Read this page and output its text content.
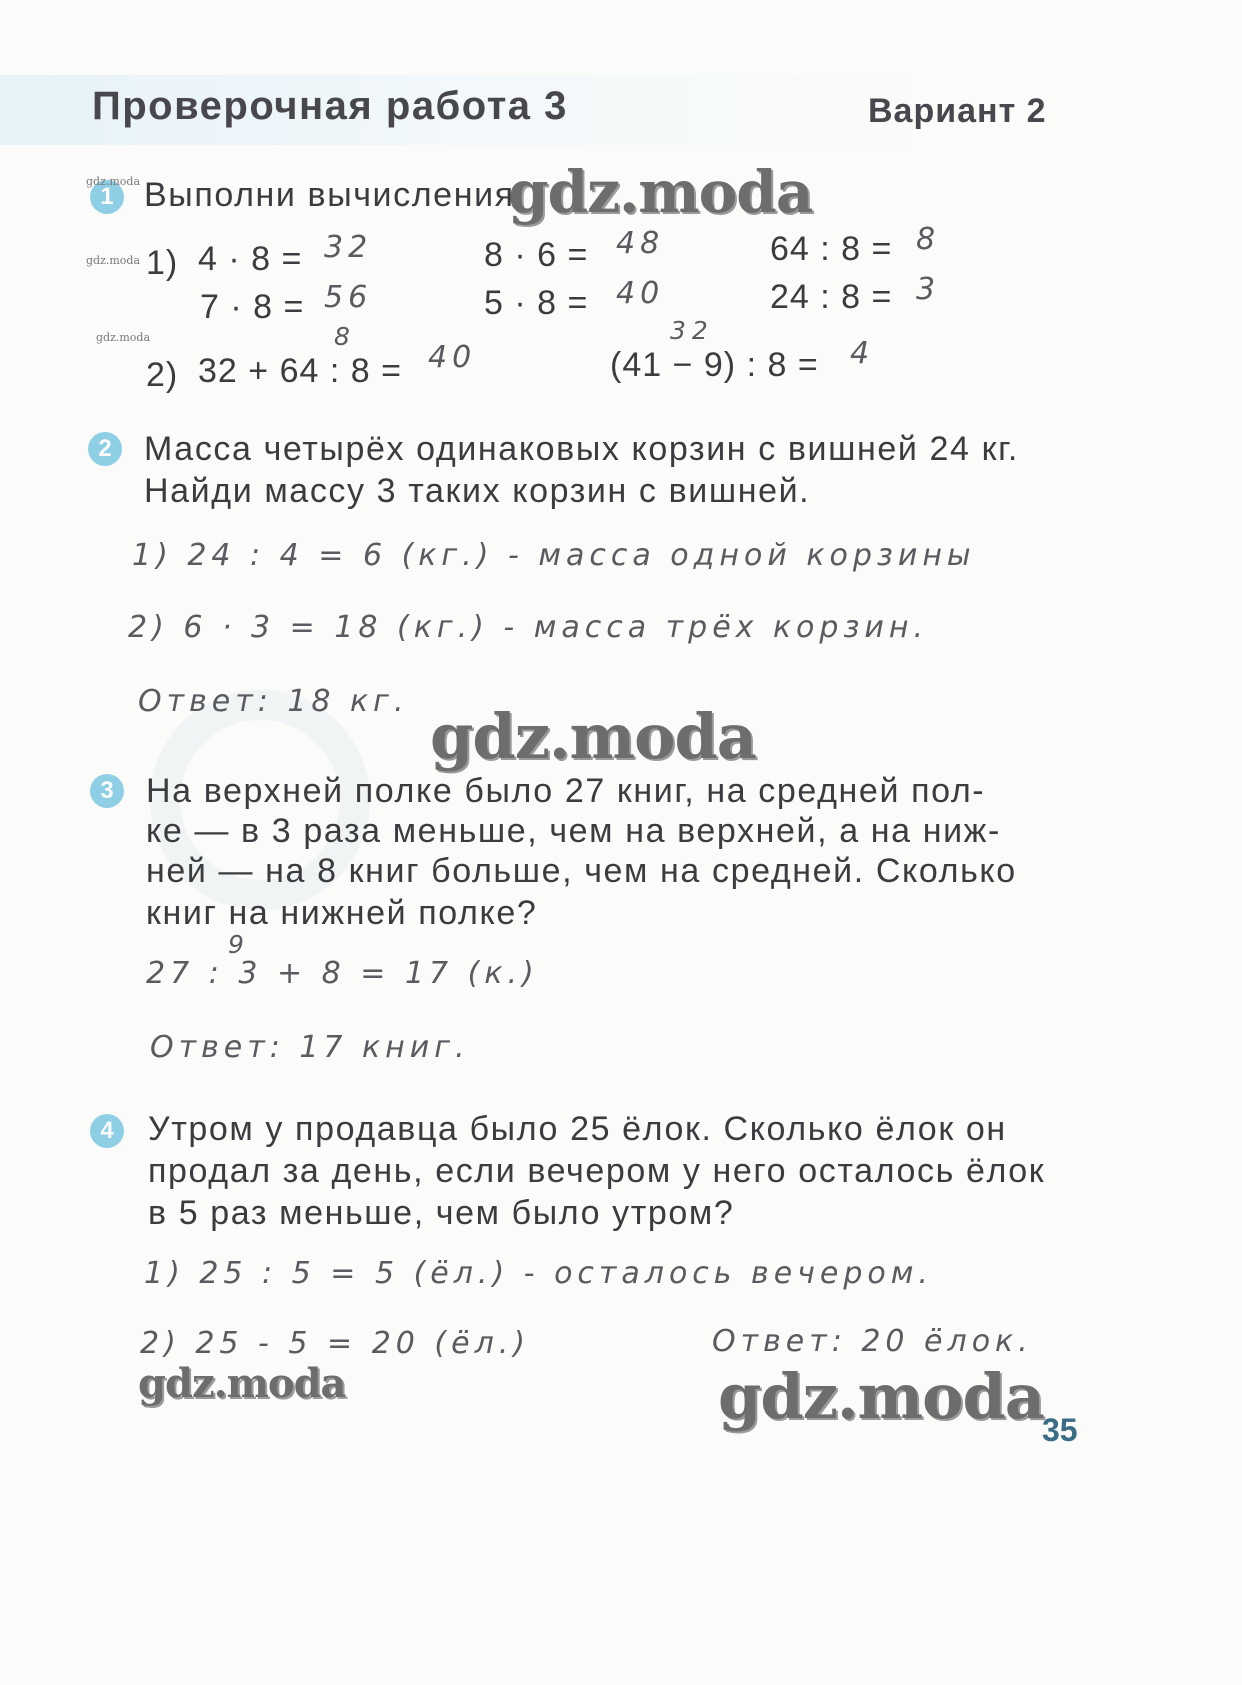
Проверочная работа 3	Вариант 2
1
gdz.moda Выполни вычисления.
gdz.moda
gdz.moda 1) 4 · 8 = 32	8 · 6 = 48	64 : 8 = 8
7 · 8 = 56	5 · 8 = 40	24 : 8 = 3
gdz.moda	8
2) 32 + 64 : 8 = 40
32
(41 − 9) : 8 = 4
2 Масса четырёх одинаковых корзин с вишней 24 кг.
Найди массу 3 таких корзин с вишней.
1) 24 : 4 = 6 (кг.) - масса одной корзины
2) 6 · 3 = 18 (кг.) - масса трёх корзин.
Ответ: 18 кг. gdz.moda
3 На верхней полке было 27 книг, на средней пол-
ке — в 3 раза меньше, чем на верхней, а на ниж-
ней — на 8 книг больше, чем на средней. Сколько
книг на нижней полке?
9
27 : 3 + 8 = 17 (к.)
Ответ: 17 книг.
4	Утром у продавца было 25 ёлок. Сколько ёлок он
продал за день, если вечером у него осталось ёлок
в 5 раз меньше, чем было утром?
1) 25 : 5 = 5 (ёл.) - осталось вечером.
2) 25 - 5 = 20 (ёл.)	Ответ: 20 ёлок.
gdz.moda	gdz.moda
35
